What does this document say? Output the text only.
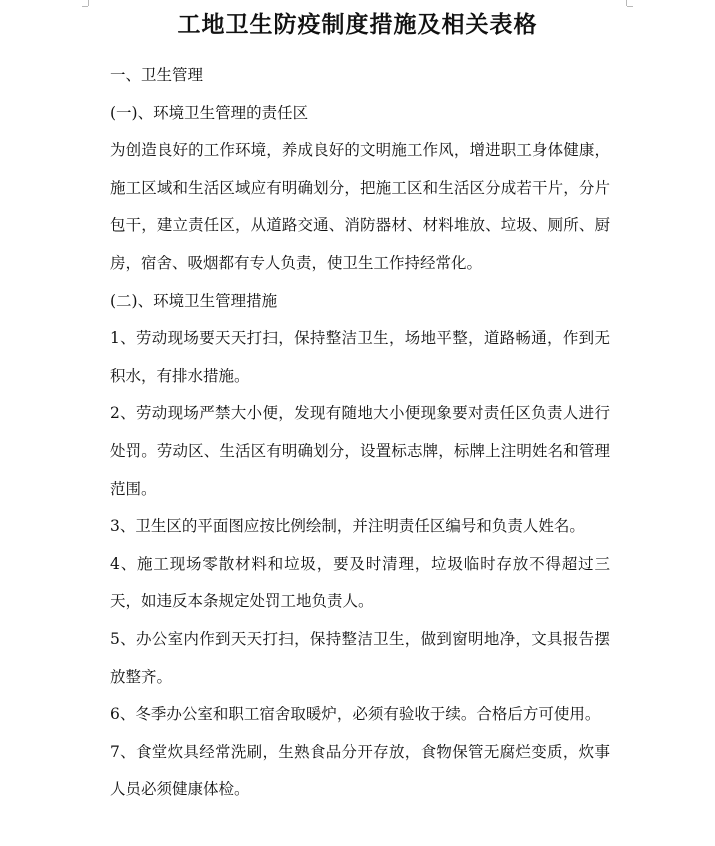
工地卫生防疫制度措施及相关表格

一、卫生管理

(一)、环境卫生管理的责任区

为创造良好的工作环境，养成良好的文明施工作风，增进职工身体健康，施工区域和生活区域应有明确划分，把施工区和生活区分成若干片，分片包干，建立责任区，从道路交通、消防器材、材料堆放、垃圾、厕所、厨房，宿舍、吸烟都有专人负责，使卫生工作持经常化。

(二)、环境卫生管理措施

1、劳动现场要天天打扫，保持整洁卫生，场地平整，道路畅通，作到无积水，有排水措施。

2、劳动现场严禁大小便，发现有随地大小便现象要对责任区负责人进行处罚。劳动区、生活区有明确划分，设置标志牌，标牌上注明姓名和管理范围。

3、卫生区的平面图应按比例绘制，并注明责任区编号和负责人姓名。

4、施工现场零散材料和垃圾，要及时清理，垃圾临时存放不得超过三天，如违反本条规定处罚工地负责人。

5、办公室内作到天天打扫，保持整洁卫生，做到窗明地净，文具报告摆放整齐。

6、冬季办公室和职工宿舍取暖炉，必须有验收于续。合格后方可使用。

7、食堂炊具经常洗刷，生熟食品分开存放，食物保管无腐烂变质，炊事人员必须健康体检。
